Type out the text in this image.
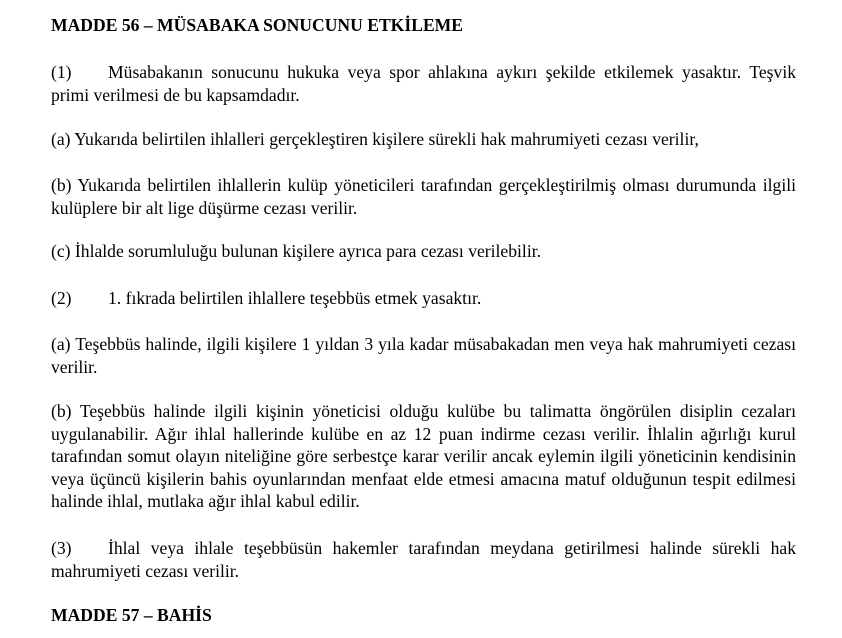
MADDE 56 – MÜSABAKA SONUCUNU ETKİLEME
(1) Müsabakanın sonucunu hukuka veya spor ahlakına aykırı şekilde etkilemek yasaktır. Teşvik primi verilmesi de bu kapsamdadır.
(a) Yukarıda belirtilen ihlalleri gerçekleştiren kişilere sürekli hak mahrumiyeti cezası verilir,
(b) Yukarıda belirtilen ihlallerin kulüp yöneticileri tarafından gerçekleştirilmiş olması durumunda ilgili kulüplere bir alt lige düşürme cezası verilir.
(c) İhlalde sorumluluğu bulunan kişilere ayrıca para cezası verilebilir.
(2) 1. fıkrada belirtilen ihlallere teşebbüs etmek yasaktır.
(a) Teşebbüs halinde, ilgili kişilere 1 yıldan 3 yıla kadar müsabakadan men veya hak mahrumiyeti cezası verilir.
(b) Teşebbüs halinde ilgili kişinin yöneticisi olduğu kulübe bu talimatta öngörülen disiplin cezaları uygulanabilir. Ağır ihlal hallerinde kulübe en az 12 puan indirme cezası verilir. İhlalin ağırlığı kurul tarafından somut olayın niteliğine göre serbestçe karar verilir ancak eylemin ilgili yöneticinin kendisinin veya üçüncü kişilerin bahis oyunlarından menfaat elde etmesi amacına matuf olduğunun tespit edilmesi halinde ihlal, mutlaka ağır ihlal kabul edilir.
(3) İhlal veya ihlale teşebbüsün hakemler tarafından meydana getirilmesi halinde sürekli hak mahrumiyeti cezası verilir.
MADDE 57 – BAHİS
